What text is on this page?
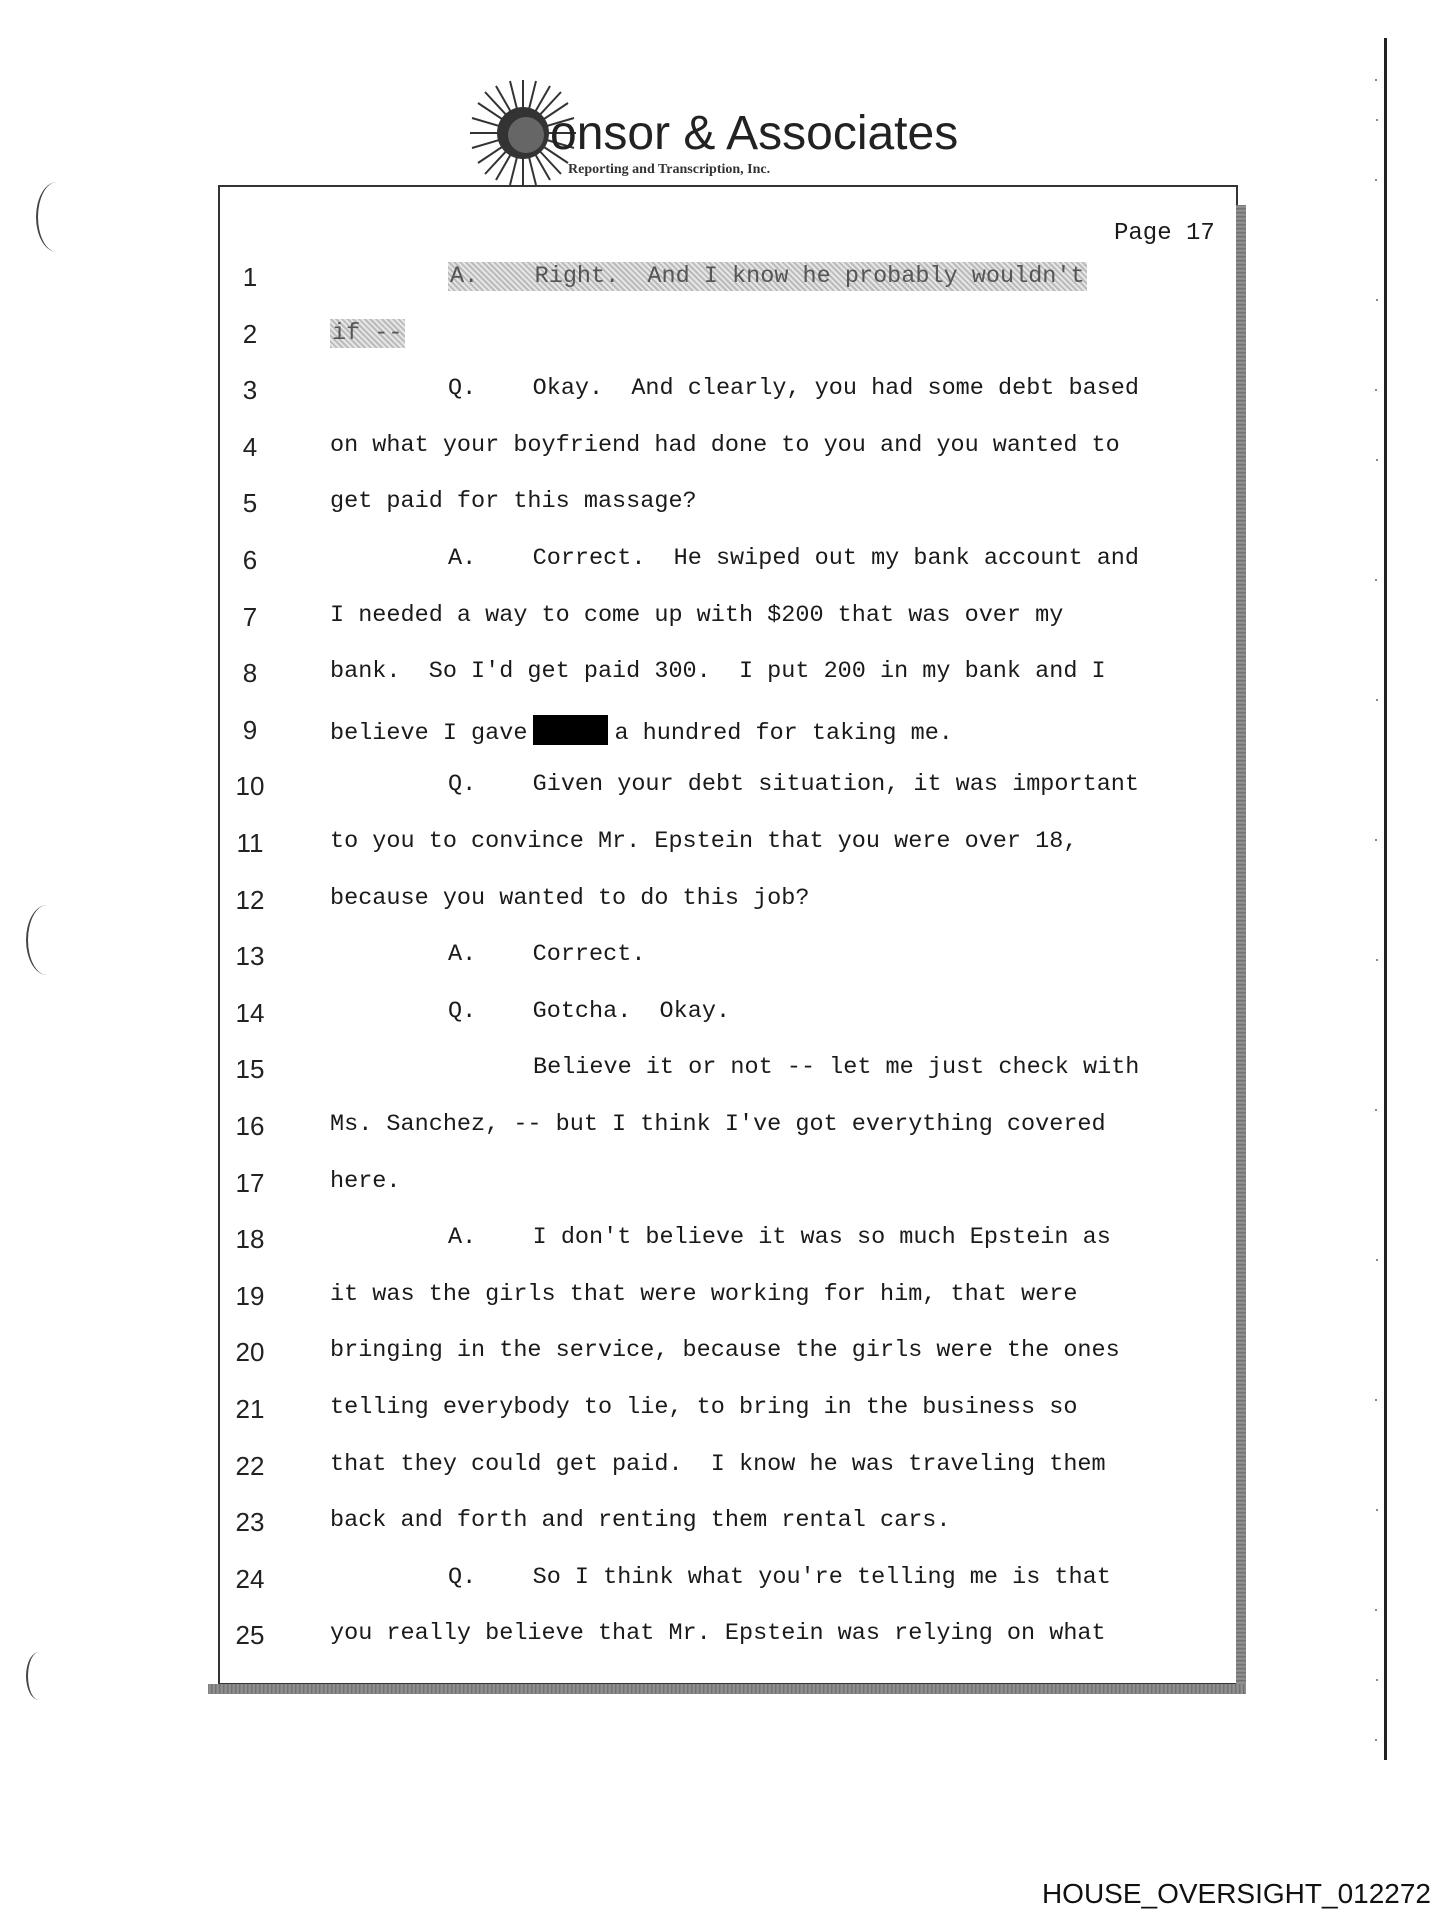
onsor & Associates
Reporting and Transcription, Inc.
Page 17
1	A.    Right.  And I know he probably wouldn't
2	if --
3	Q.    Okay.  And clearly, you had some debt based
4	on what your boyfriend had done to you and you wanted to
5	get paid for this massage?
6	A.    Correct.  He swiped out my bank account and
7	I needed a way to come up with $200 that was over my
8	bank.  So I'd get paid 300.  I put 200 in my bank and I
9	believe I gave	a hundred for taking me.
10	Q.    Given your debt situation, it was important
11	to you to convince Mr. Epstein that you were over 18,
12	because you wanted to do this job?
13	A.    Correct.
14	Q.    Gotcha.  Okay.
15	Believe it or not -- let me just check with
16	Ms. Sanchez, -- but I think I've got everything covered
17	here.
18	A.    I don't believe it was so much Epstein as
19	it was the girls that were working for him, that were
20	bringing in the service, because the girls were the ones
21	telling everybody to lie, to bring in the business so
22	that they could get paid.  I know he was traveling them
23	back and forth and renting them rental cars.
24	Q.    So I think what you're telling me is that
25	you really believe that Mr. Epstein was relying on what
HOUSE_OVERSIGHT_012272
